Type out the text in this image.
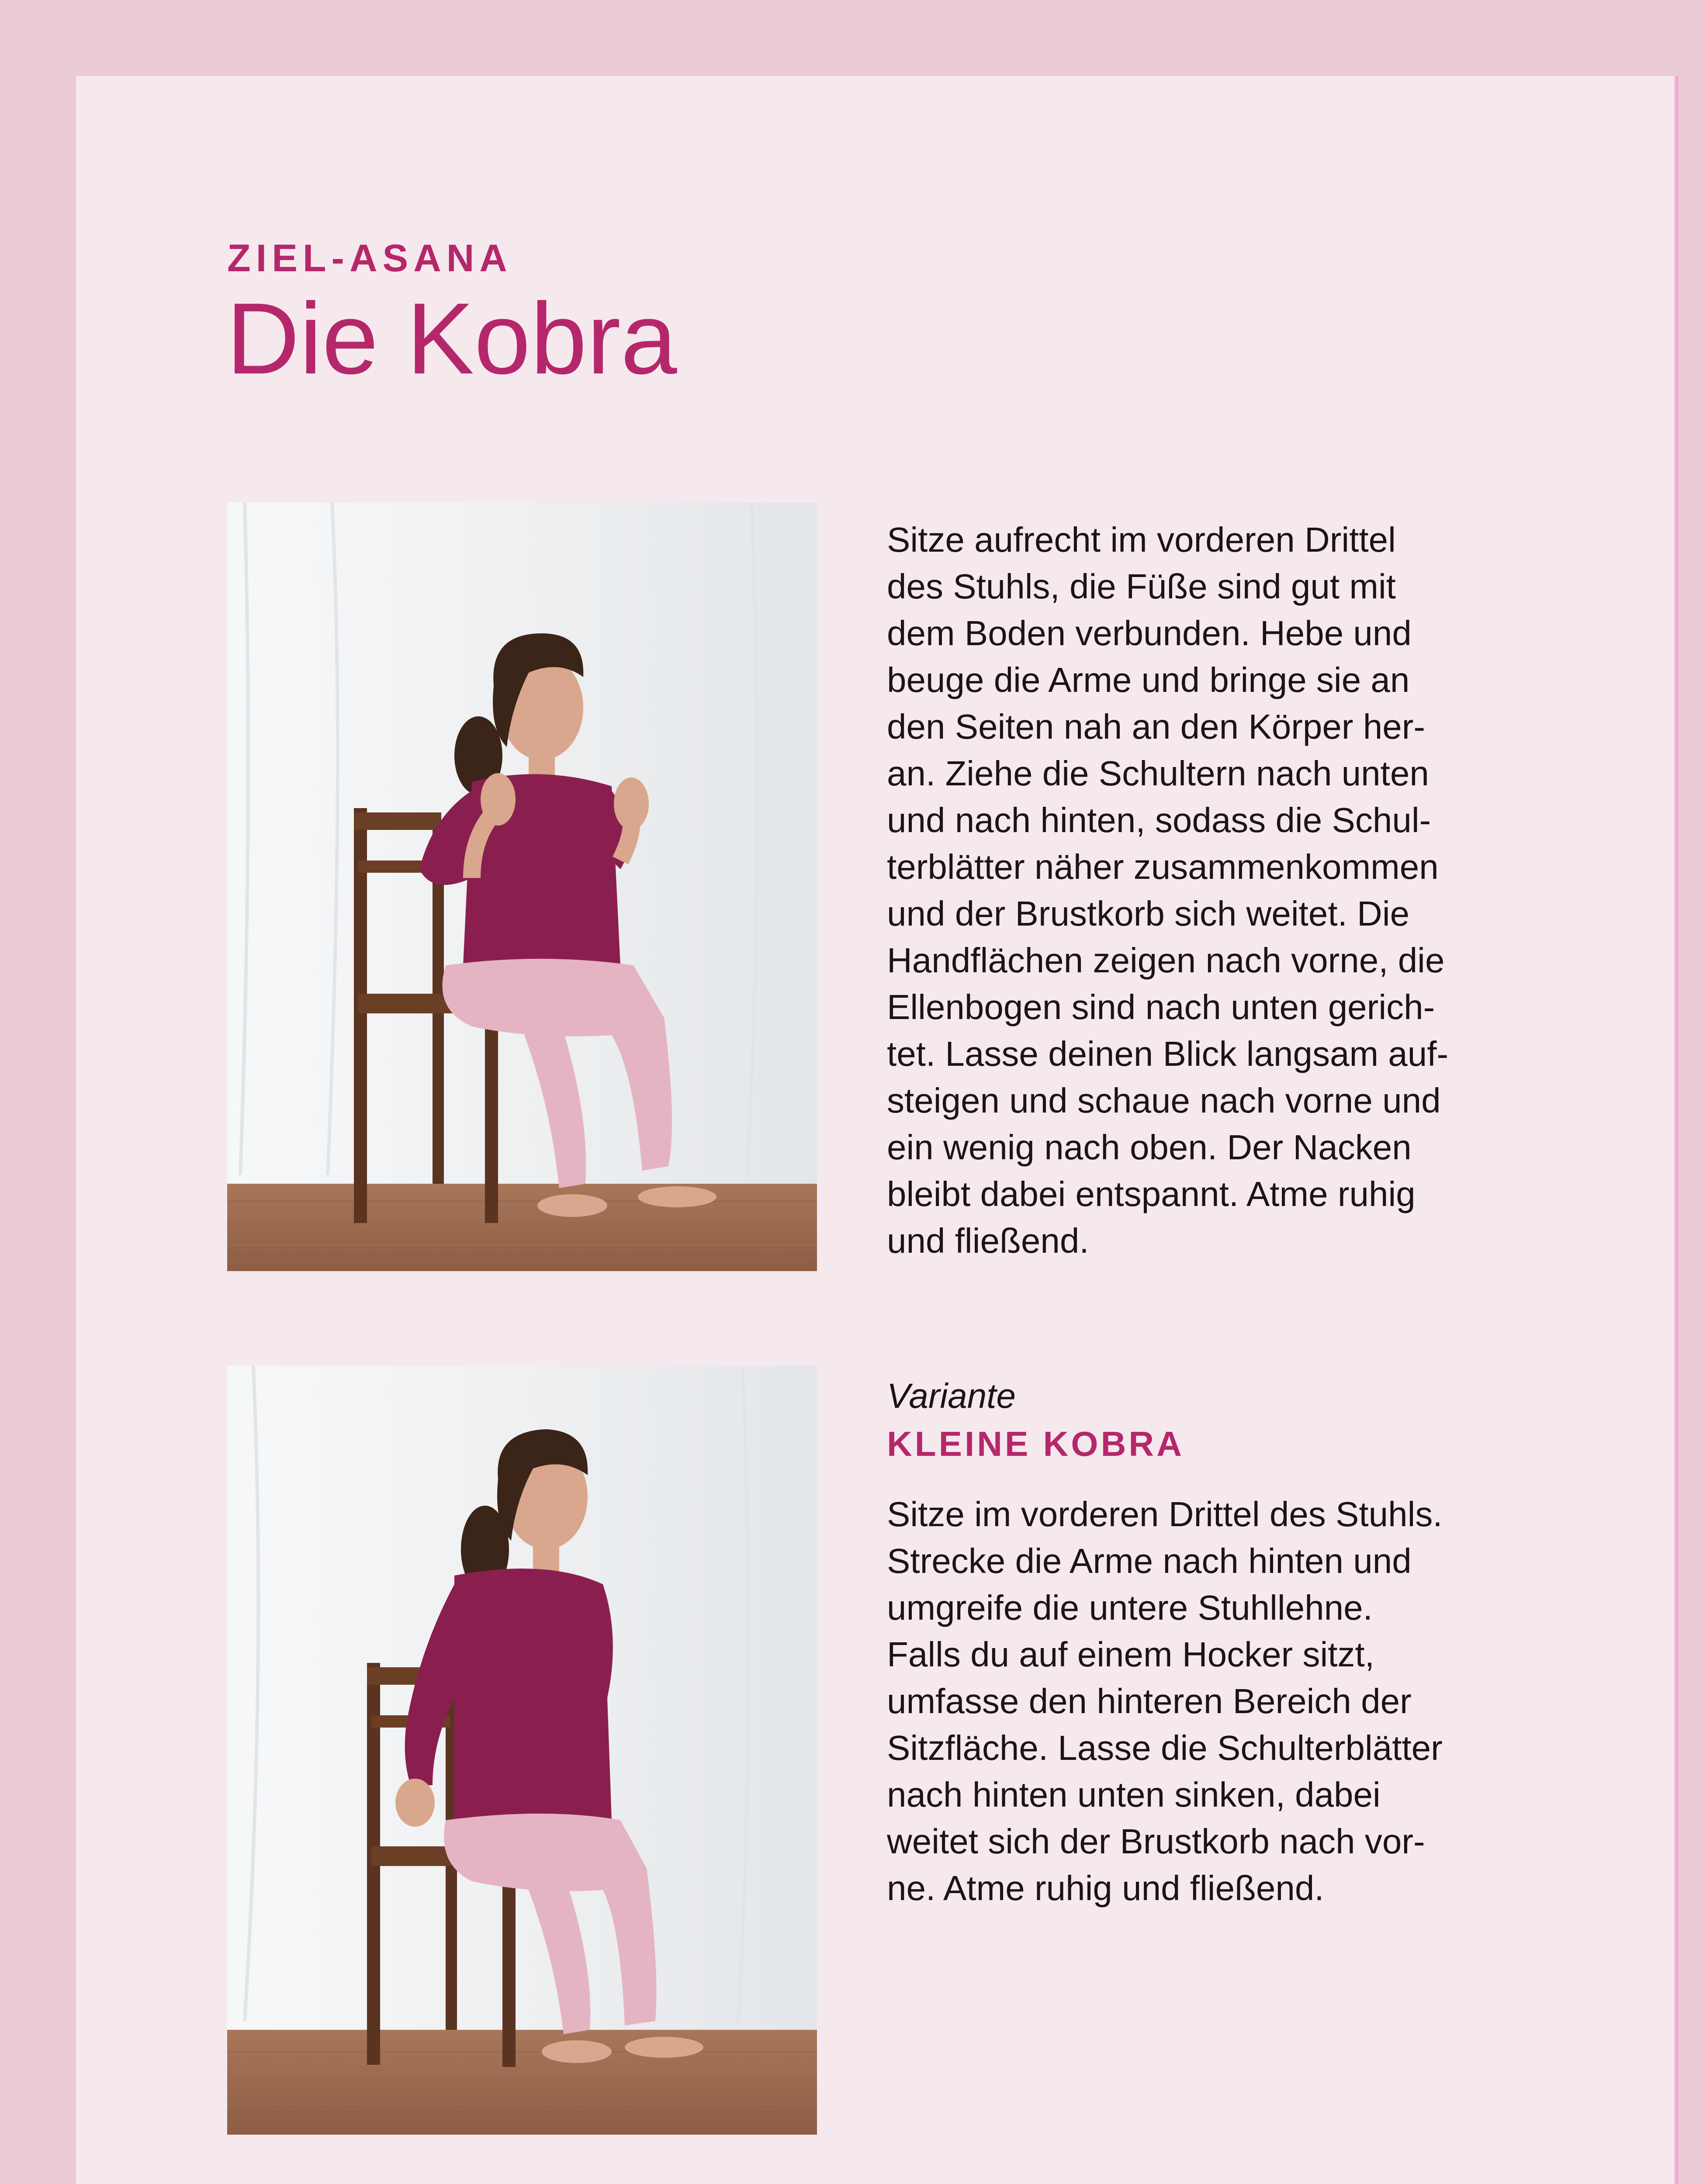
ZIEL-ASANA
Die Kobra
Sitze aufrecht im vorderen Drittel
des Stuhls, die Füße sind gut mit
dem Boden verbunden. Hebe und
beuge die Arme und bringe sie an
den Seiten nah an den Körper her-
an. Ziehe die Schultern nach unten
und nach hinten, sodass die Schul-
terblätter näher zusammenkommen
und der Brustkorb sich weitet. Die
Handflächen zeigen nach vorne, die
Ellenbogen sind nach unten gerich-
tet. Lasse deinen Blick langsam auf-
steigen und schaue nach vorne und
ein wenig nach oben. Der Nacken
bleibt dabei entspannt. Atme ruhig
und fließend.
Variante
KLEINE KOBRA
Sitze im vorderen Drittel des Stuhls.
Strecke die Arme nach hinten und
umgreife die untere Stuhllehne.
Falls du auf einem Hocker sitzt,
umfasse den hinteren Bereich der
Sitzfläche. Lasse die Schulterblätter
nach hinten unten sinken, dabei
weitet sich der Brustkorb nach vor-
ne. Atme ruhig und fließend.
